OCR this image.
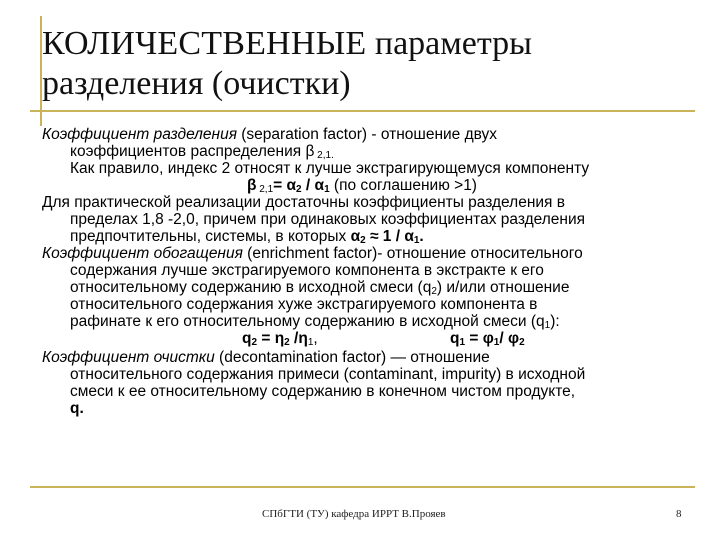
КОЛИЧЕСТВЕННЫЕ параметры
разделения (очистки)

Коэффициент разделения (separation factor) - отношение двух

коэффициентов распределения β $_{2,1.}$

Как правило, индекс 2 относят к лучше экстрагирующемуся компоненту

β $_{2,1}= \alpha_2 / \alpha_1$ (по соглашению >1)

Для практической реализации достаточны коэффициенты разделения в

пределах 1,8 -2,0, причем при одинаковых коэффициентах разделения

предпочтительны, системы, в которых $\alpha_2 \approx 1 / \alpha_1$.

Коэффициент обогащения (enrichment factor)- отношение относительного

содержания лучше экстрагируемого компонента в экстракте к его

относительному содержанию в исходной смеси $(q_2)$ и/или отношение

относительного содержания хуже экстрагируемого компонента в

рафинате к его относительному содержанию в исходной смеси $(q_1)$:

$q_2 = \eta_2$ $/\eta_1$,	$q_1 = \varphi_1/$ $\varphi_2$

Коэффициент очистки (decontamination factor) — отношение

относительного содержания примеси (contaminant, impurity) в исходной

смеси к ее относительному содержанию в конечном чистом продукте,

q.

СПбГТИ (ТУ) кафедра ИРРТ В.Прояев	8
